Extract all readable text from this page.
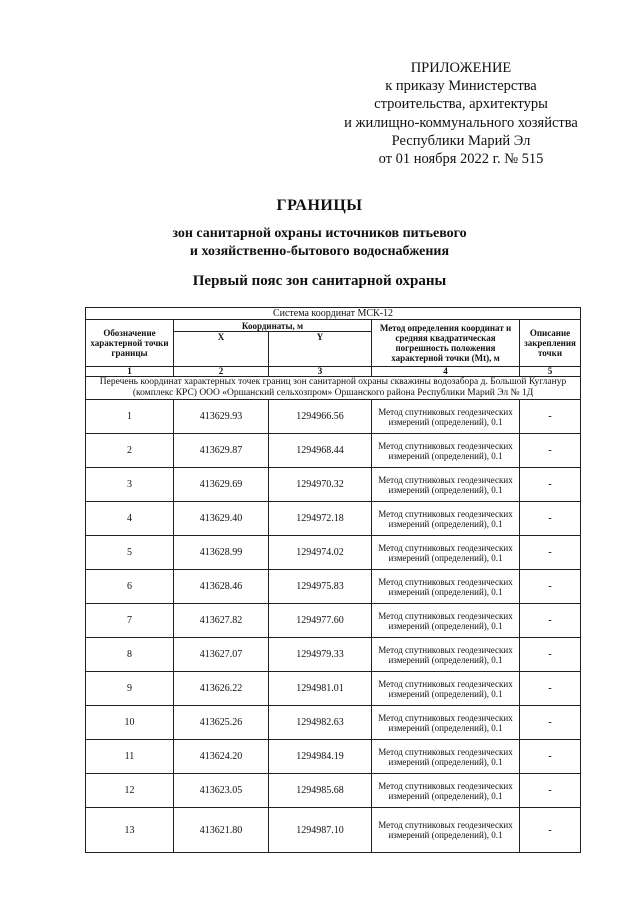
ПРИЛОЖЕНИЕ
к приказу Министерства
строительства, архитектуры
и жилищно-коммунального хозяйства
Республики Марий Эл
от 01 ноября 2022 г. № 515
ГРАНИЦЫ
зон санитарной охраны источников питьевого
и хозяйственно-бытового водоснабжения
Первый пояс зон санитарной охраны
Система координат МСК-12				
Обозначение характерной точки границы	Координаты, м		Метод определения координат и средняя квадратическая погрешность положения характерной точки (Mt), м	Описание закрепления точки
	X	Y		
1	2	3	4	5
Перечень координат характерных точек границ зон санитарной охраны скважины водозабора д. Большой Кугланур (комплекс КРС) ООО «Оршанский сельхозпром» Оршанского района Республики Марий Эл № 1Д				
1	413629.93	1294966.56	Метод спутниковых геодезических измерений (определений), 0.1	-
2	413629.87	1294968.44	Метод спутниковых геодезических измерений (определений), 0.1	-
3	413629.69	1294970.32	Метод спутниковых геодезических измерений (определений), 0.1	-
4	413629.40	1294972.18	Метод спутниковых геодезических измерений (определений), 0.1	-
5	413628.99	1294974.02	Метод спутниковых геодезических измерений (определений), 0.1	-
6	413628.46	1294975.83	Метод спутниковых геодезических измерений (определений), 0.1	-
7	413627.82	1294977.60	Метод спутниковых геодезических измерений (определений), 0.1	-
8	413627.07	1294979.33	Метод спутниковых геодезических измерений (определений), 0.1	-
9	413626.22	1294981.01	Метод спутниковых геодезических измерений (определений), 0.1	-
10	413625.26	1294982.63	Метод спутниковых геодезических измерений (определений), 0.1	-
11	413624.20	1294984.19	Метод спутниковых геодезических измерений (определений), 0.1	-
12	413623.05	1294985.68	Метод спутниковых геодезических измерений (определений), 0.1	-
13	413621.80	1294987.10	Метод спутниковых геодезических измерений (определений), 0.1	-
